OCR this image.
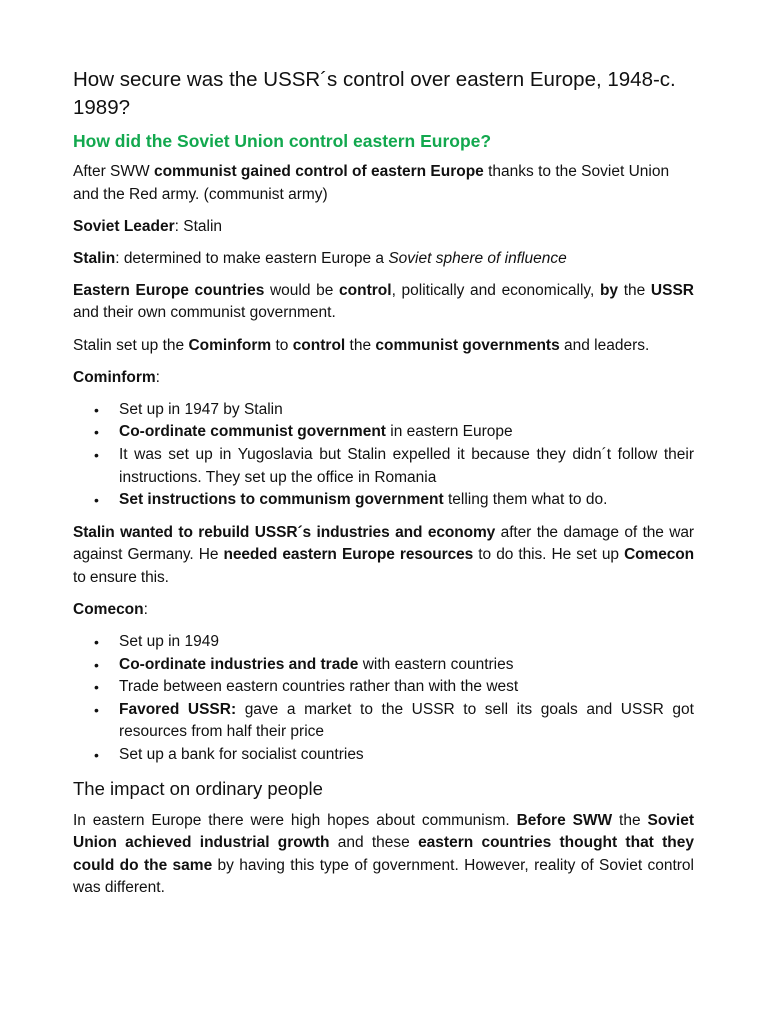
How secure was the USSR´s control over eastern Europe, 1948-c. 1989?
How did the Soviet Union control eastern Europe?

After SWW communist gained control of eastern Europe thanks to the Soviet Union and the Red army. (communist army)

Soviet Leader: Stalin

Stalin: determined to make eastern Europe a Soviet sphere of influence

Eastern Europe countries would be control, politically and economically, by the USSR and their own communist government.

Stalin set up the Cominform to control the communist governments and leaders.

Cominform:

• Set up in 1947 by Stalin
• Co-ordinate communist government in eastern Europe
• It was set up in Yugoslavia but Stalin expelled it because they didn´t follow their instructions. They set up the office in Romania
• Set instructions to communism government telling them what to do.

Stalin wanted to rebuild USSR´s industries and economy after the damage of the war against Germany. He needed eastern Europe resources to do this. He set up Comecon to ensure this.

Comecon:

• Set up in 1949
• Co-ordinate industries and trade with eastern countries
• Trade between eastern countries rather than with the west
• Favored USSR: gave a market to the USSR to sell its goals and USSR got resources from half their price
• Set up a bank for socialist countries
The impact on ordinary people

In eastern Europe there were high hopes about communism. Before SWW the Soviet Union achieved industrial growth and these eastern countries thought that they could do the same by having this type of government. However, reality of Soviet control was different.
